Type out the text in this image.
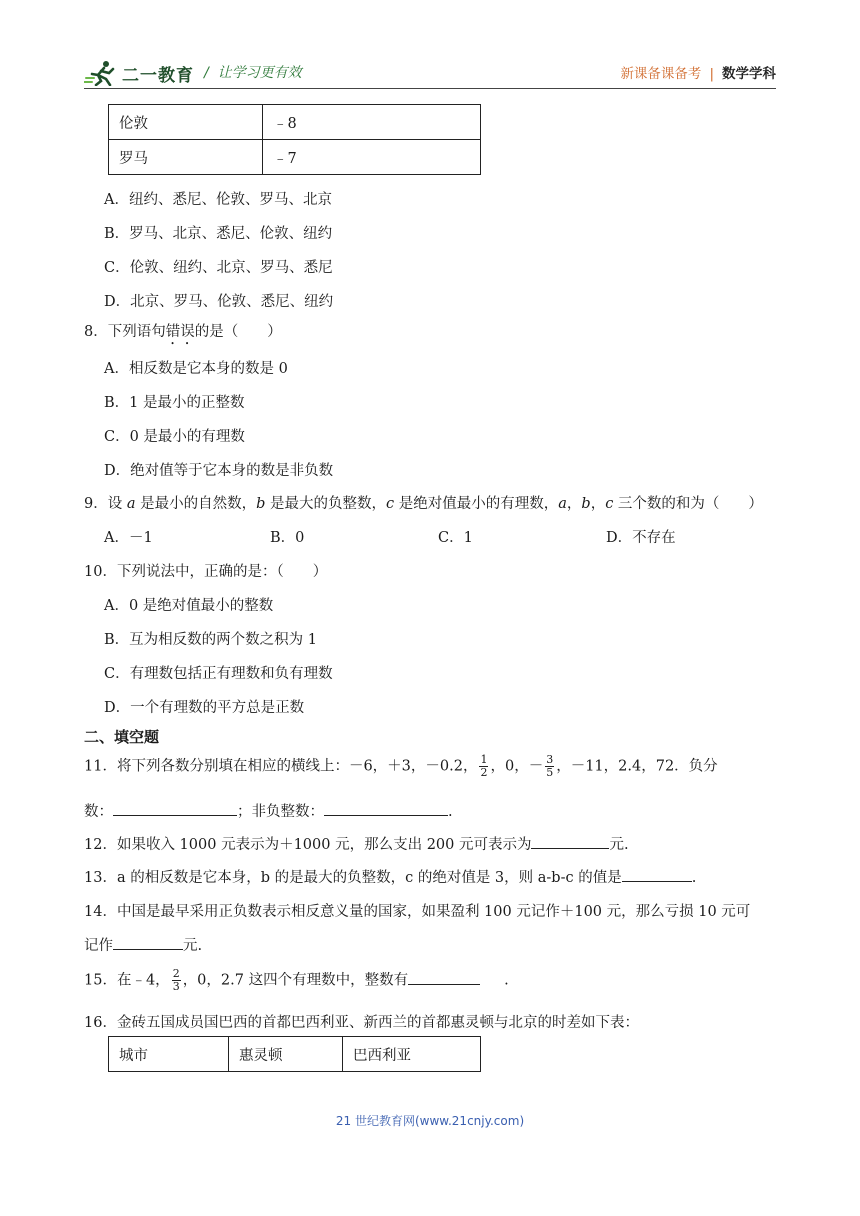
二一教育 /  让学习更有效	新课备课备考 | 数学学科
伦敦	﹣8
罗马	﹣7
A．纽约、悉尼、伦敦、罗马、北京
B．罗马、北京、悉尼、伦敦、纽约
C．伦敦、纽约、北京、罗马、悉尼
D．北京、罗马、伦敦、悉尼、纽约
8．下列语句错误的是（　　）
A．相反数是它本身的数是 0
B．1 是最小的正整数
C．0 是最小的有理数
D．绝对值等于它本身的数是非负数
9．设 a 是最小的自然数，b 是最大的负整数，c 是绝对值最小的有理数，a，b，c 三个数的和为（　　）
A．－1	B．0	C．1	D．不存在
10．下列说法中，正确的是：（　　）
A．0 是绝对值最小的整数
B．互为相反数的两个数之积为 1
C．有理数包括正有理数和负有理数
D．一个有理数的平方总是正数
二、填空题
11．将下列各数分别填在相应的横线上：－6，＋3，－0.2， $\frac{1}{2}$ ，0，－ $\frac{3}{5}$ ，－11，2.4，72．负分
数：	；非负整数：	.
12．如果收入 1000 元表示为＋1000 元，那么支出 200 元可表示为	元.
13．a 的相反数是它本身，b 的是最大的负整数，c 的绝对值是 3，则 a-b-c 的值是	.
14．中国是最早采用正负数表示相反意义量的国家，如果盈利 100 元记作＋100 元，那么亏损 10 元可
记作	元.
15．在﹣4， $\frac{2}{3}$ ，0，2.7 这四个有理数中，整数有	.
16．金砖五国成员国巴西的首都巴西利亚、新西兰的首都惠灵顿与北京的时差如下表：
城市	惠灵顿	巴西利亚
21 世纪教育网(www.21cnjy.com)
